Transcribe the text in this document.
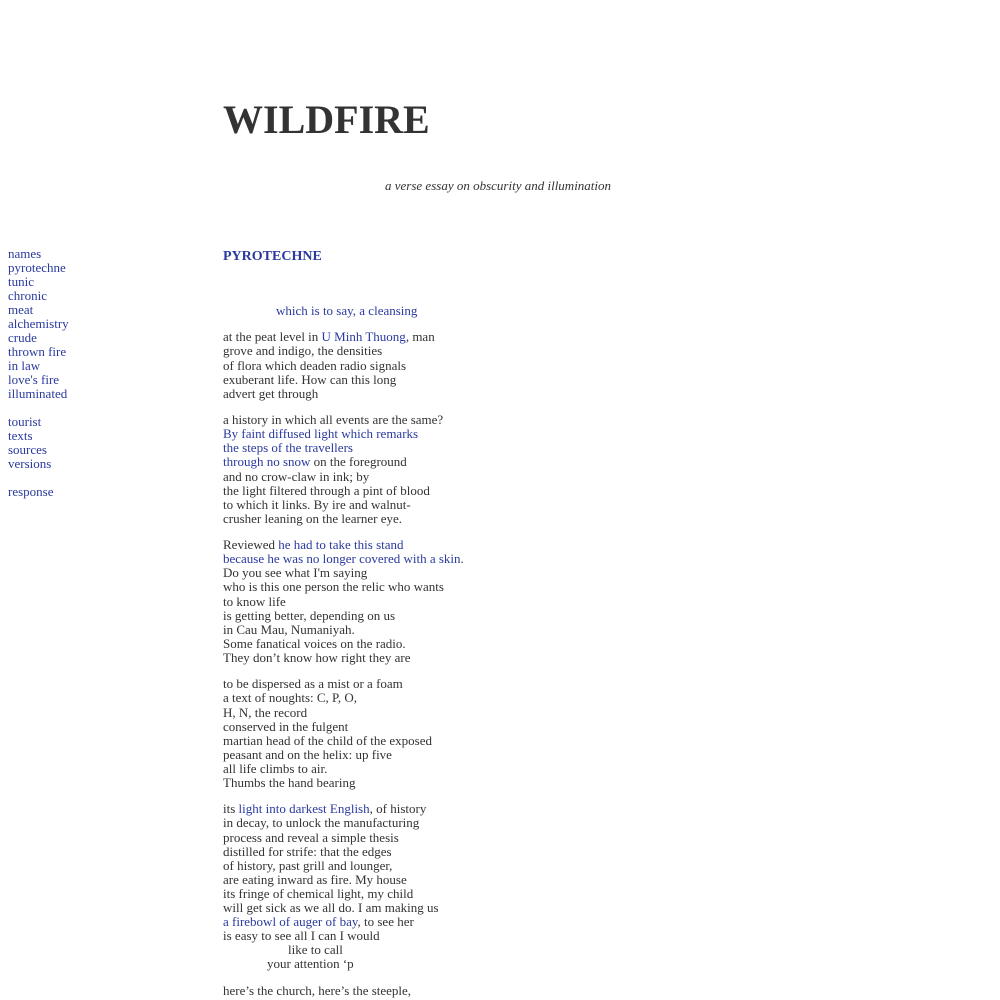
WILDFIRE

a verse essay on obscurity and illumination

names
pyrotechne
tunic
chronic
meat
alchemistry
crude
thrown fire
in law
love's fire
illuminated
tourist
texts
sources
versions
response
PYROTECHNE
which is to say, a cleansing
at the peat level in U Minh Thuong, man
grove and indigo, the densities
of flora which deaden radio signals
exuberant life. How can this long
advert get through
a history in which all events are the same?
By faint diffused light which remarks
the steps of the travellers
through no snow on the foreground
and no crow-claw in ink; by
the light filtered through a pint of blood
to which it links. By ire and walnut-
crusher leaning on the learner eye.
Reviewed he had to take this stand
because he was no longer covered with a skin.
Do you see what I'm saying
who is this one person the relic who wants
to know life
is getting better, depending on us
in Cau Mau, Numaniyah.
Some fanatical voices on the radio.
They don’t know how right they are
to be dispersed as a mist or a foam
a text of noughts: C, P, O,
H, N, the record
conserved in the fulgent
martian head of the child of the exposed
peasant and on the helix: up five
all life climbs to air.
Thumbs the hand bearing
its light into darkest English, of history
in decay, to unlock the manufacturing
process and reveal a simple thesis
distilled for strife: that the edges
of history, past grill and lounger,
are eating inward as fire. My house
its fringe of chemical light, my child
will get sick as we all do. I am making us
a firebowl of auger of bay, to see her
is easy to see all I can I would
like to call
your attention ‘p
here’s the church, here’s the steeple,
